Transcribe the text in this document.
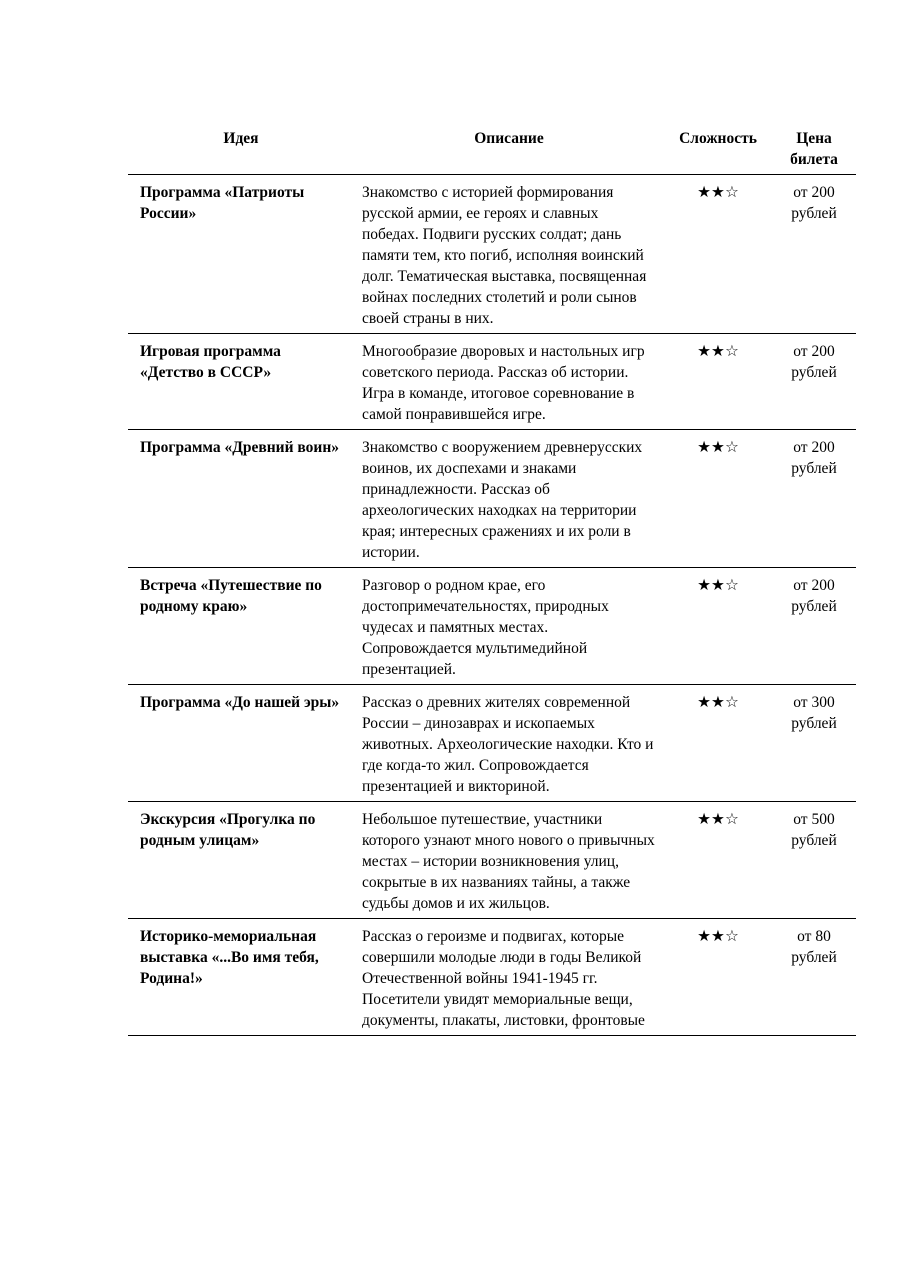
Идея	Описание	Сложность	Цена билета
Программа «Патриоты России»	Знакомство с историей формирования русской армии, ее героях и славных победах. Подвиги русских солдат; дань памяти тем, кто погиб, исполняя воинский долг. Тематическая выставка, посвященная войнах последних столетий и роли сынов своей страны в них.	★★☆	от 200
рублей

Игровая программа «Детство в СССР»	Многообразие дворовых и настольных игр советского периода. Рассказ об истории. Игра в команде, итоговое соревнование в самой понравившейся игре.	★★☆	от 200
рублей

Программа «Древний воин»	Знакомство с вооружением древнерусских воинов, их доспехами и знаками принадлежности. Рассказ об археологических находках на территории края; интересных сражениях и их роли в истории.	★★☆	от 200
рублей

Встреча «Путешествие по родному краю»	Разговор о родном крае, его достопримечательностях, природных чудесах и памятных местах. Сопровождается мультимедийной презентацией.	★★☆	от 200
рублей

Программа «До нашей эры»	Рассказ о древних жителях современной России – динозаврах и ископаемых животных. Археологические находки. Кто и где когда-то жил. Сопровождается презентацией и викториной.	★★☆	от 300
рублей

Экскурсия «Прогулка по родным улицам»	Небольшое путешествие, участники которого узнают много нового о привычных местах – истории возникновения улиц, сокрытые в их названиях тайны, а также судьбы домов и их жильцов.	★★☆	от 500
рублей

Историко-мемориальная выставка «...Во имя тебя, Родина!»	Рассказ о героизме и подвигах, которые совершили молодые люди в годы Великой Отечественной войны 1941-1945 гг. Посетители увидят мемориальные вещи, документы, плакаты, листовки, фронтовые	★★☆	от 80
рублей
